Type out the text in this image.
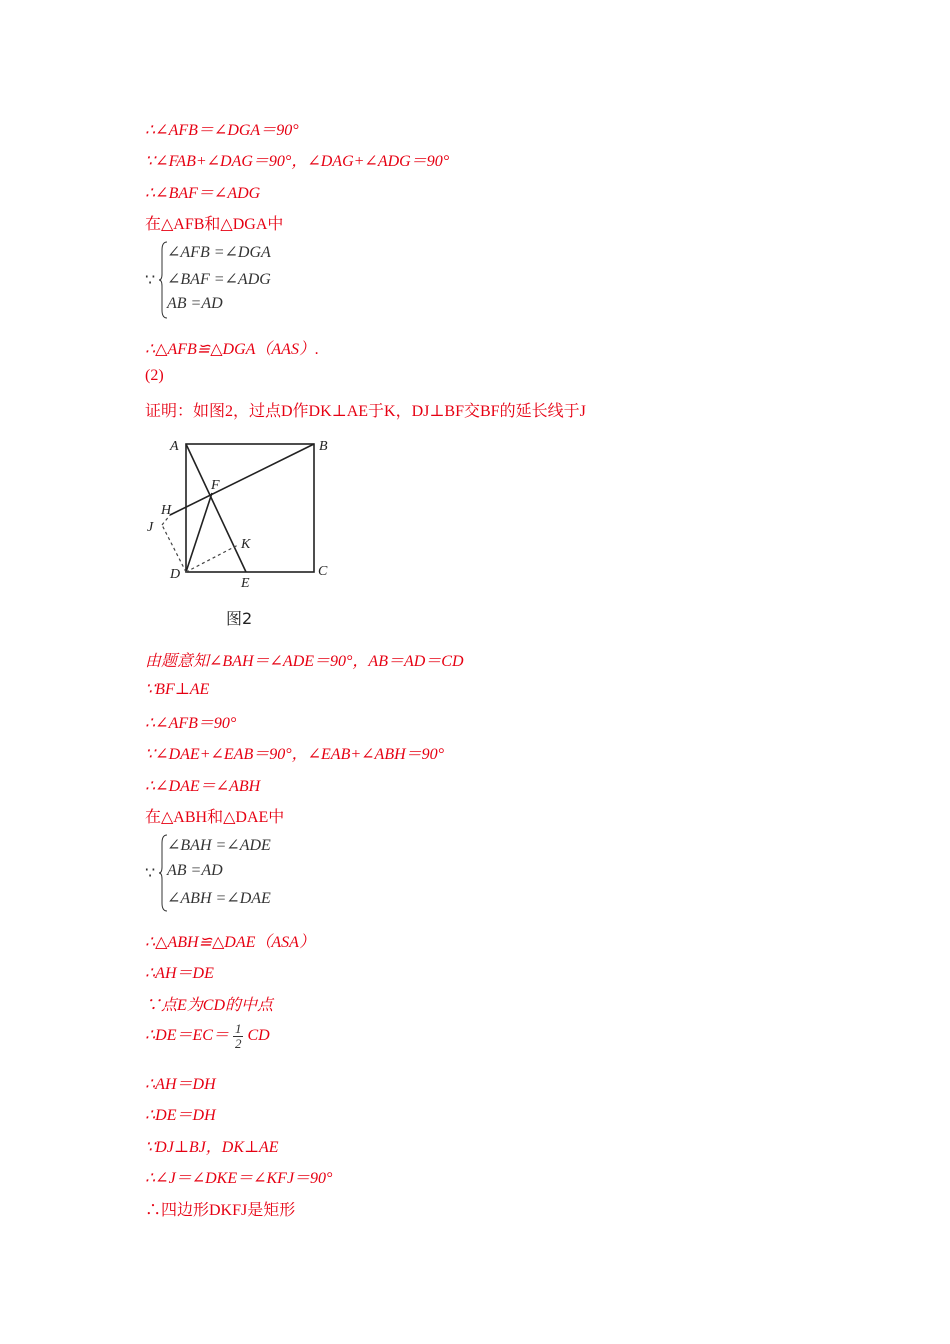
∴∠AFB＝∠DGA＝90°
∵∠FAB+∠DAG＝90°，∠DAG+∠ADG＝90°
∴∠BAF＝∠ADG
在△AFB和△DGA中
∵
∠AFB =∠DGA
∠BAF =∠ADG
AB =AD
∴△AFB≌△DGA（AAS）.
(2)
证明：如图2，过点D作DK⊥AE于K，DJ⊥BF交BF的延长线于J
A	B
C
D
E
F
H
J
K
图2
由题意知∠BAH＝∠ADE＝90°，AB＝AD＝CD
∵BF⊥AE
∴∠AFB＝90°
∵∠DAE+∠EAB＝90°，∠EAB+∠ABH＝90°
∴∠DAE＝∠ABH
在△ABH和△DAE中
∵
∠BAH =∠ADE
AB =AD
∠ABH =∠DAE
∴△ABH≌△DAE（ASA）
∴AH＝DE
∵点E为CD的中点
∴DE＝EC＝ $\frac{1}{2}$ CD
∴AH＝DH
∴DE＝DH
∵DJ⊥BJ，DK⊥AE
∴∠J＝∠DKE＝∠KFJ＝90°
∴四边形DKFJ是矩形
